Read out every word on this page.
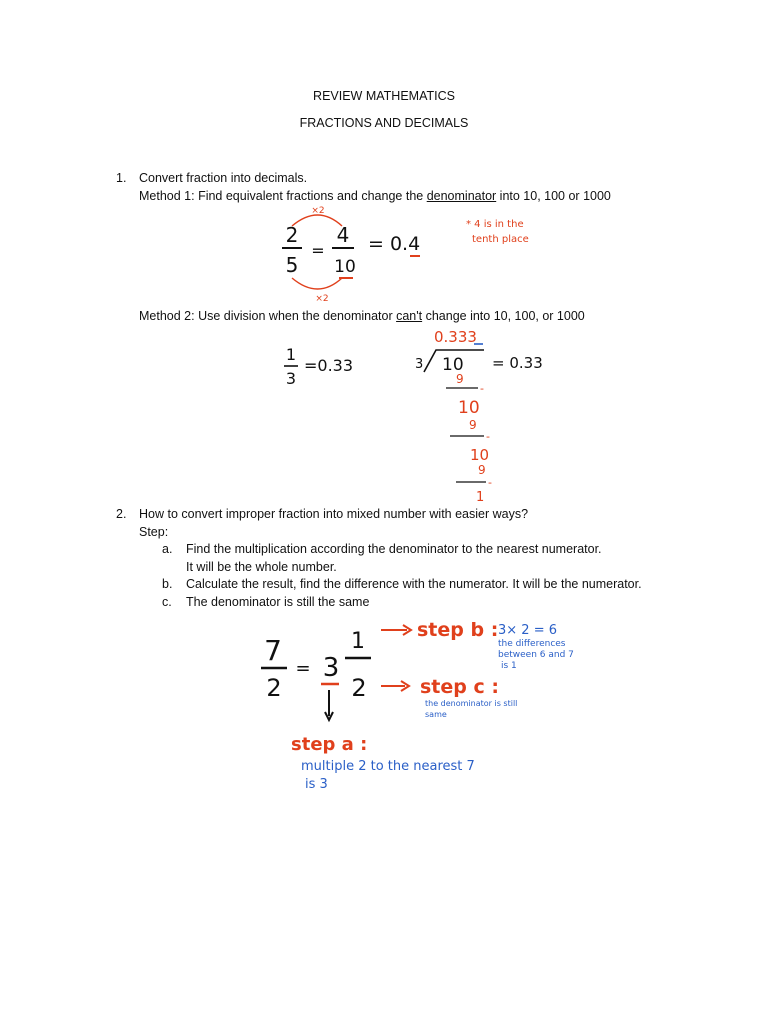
REVIEW MATHEMATICS
FRACTIONS AND DECIMALS
1. Convert fraction into decimals.
Method 1: Find equivalent fractions and change the denominator into 10, 100 or 1000
2
5
=
4
10
×2
×2
= 0.4
* 4 is in the
tenth place
Method 2: Use division when the denominator can't change into 10, 100, or 1000
1
3
=0.33
0.333
3 10 = 0.33
9
-
10
9
-
10
9
-
1
2. How to convert improper fraction into mixed number with easier ways?
Step:
a. Find the multiplication according the denominator to the nearest numerator.
It will be the whole number.
b. Calculate the result, find the difference with the numerator. It will be the numerator.
c. The denominator is still the same
7
2
= 3
1
2
step b : 3× 2 = 6
the differences
between 6 and 7
is 1
step c :
the denominator is still
same
step a :
multiple 2 to the nearest 7
is 3
